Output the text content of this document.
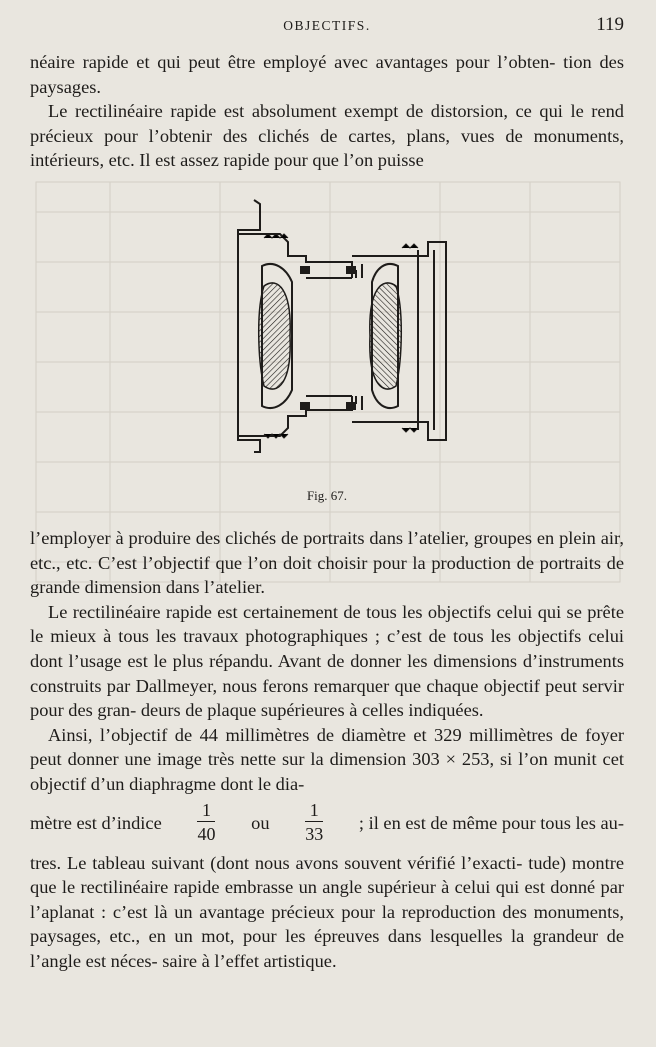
OBJECTIFS.	119

néaire rapide et qui peut être employé avec avantages pour l’obten- tion des paysages.

Le rectilinéaire rapide est absolument exempt de distorsion, ce qui le rend précieux pour l’obtenir des clichés de cartes, plans, vues de monuments, intérieurs, etc. Il est assez rapide pour que l’on puisse

Fig. 67.

l’employer à produire des clichés de portraits dans l’atelier, groupes en plein air, etc., etc. C’est l’objectif que l’on doit choisir pour la production de portraits de grande dimension dans l’atelier.

Le rectilinéaire rapide est certainement de tous les objectifs celui qui se prête le mieux à tous les travaux photographiques ; c’est de tous les objectifs celui dont l’usage est le plus répandu. Avant de donner les dimensions d’instruments construits par Dallmeyer, nous ferons remarquer que chaque objectif peut servir pour des gran- deurs de plaque supérieures à celles indiquées.

Ainsi, l’objectif de 44 millimètres de diamètre et 329 millimètres de foyer peut donner une image très nette sur la dimension 303 × 253, si l’on munit cet objectif d’un diaphragme dont le dia-

mètre est d’indice $\frac{1}{40}$ ou $\frac{1}{33}$ ; il en est de même pour tous les au-

tres. Le tableau suivant (dont nous avons souvent vérifié l’exacti- tude) montre que le rectilinéaire rapide embrasse un angle supérieur à celui qui est donné par l’aplanat : c’est là un avantage précieux pour la reproduction des monuments, paysages, etc., en un mot, pour les épreuves dans lesquelles la grandeur de l’angle est néces- saire à l’effet artistique.
